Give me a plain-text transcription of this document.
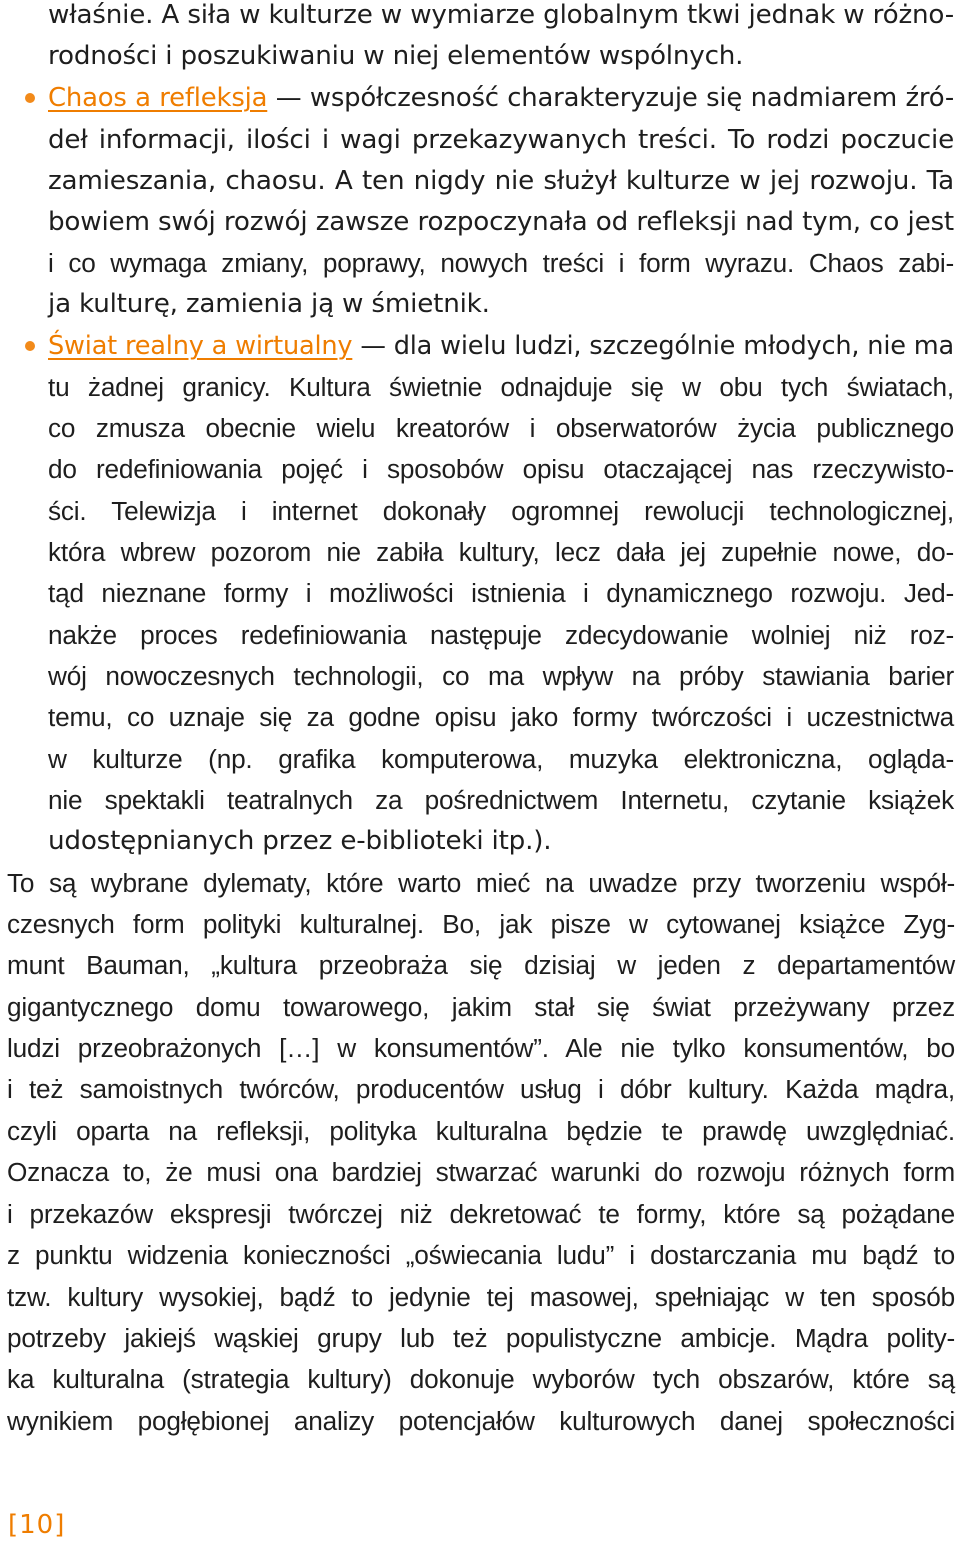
właśnie. A siła w kulturze w wymiarze globalnym tkwi jednak w różno-
rodności i poszukiwaniu w niej elementów wspólnych.
Chaos a refleksja — współczesność charakteryzuje się nadmiarem źró-
deł informacji, ilości i wagi przekazywanych treści. To rodzi poczucie
zamieszania, chaosu. A ten nigdy nie służył kulturze w jej rozwoju. Ta
bowiem swój rozwój zawsze rozpoczynała od refleksji nad tym, co jest
i co wymaga zmiany, poprawy, nowych treści i form wyrazu. Chaos zabi-
ja kulturę, zamienia ją w śmietnik.
Świat realny a wirtualny — dla wielu ludzi, szczególnie młodych, nie ma
tu żadnej granicy. Kultura świetnie odnajduje się w obu tych światach,
co zmusza obecnie wielu kreatorów i obserwatorów życia publicznego
do redefiniowania pojęć i sposobów opisu otaczającej nas rzeczywisto-
ści. Telewizja i internet dokonały ogromnej rewolucji technologicznej,
która wbrew pozorom nie zabiła kultury, lecz dała jej zupełnie nowe, do-
tąd nieznane formy i możliwości istnienia i dynamicznego rozwoju. Jed-
nakże proces redefiniowania następuje zdecydowanie wolniej niż roz-
wój nowoczesnych technologii, co ma wpływ na próby stawiania barier
temu, co uznaje się za godne opisu jako formy twórczości i uczestnictwa
w kulturze (np. grafika komputerowa, muzyka elektroniczna, ogląda-
nie spektakli teatralnych za pośrednictwem Internetu, czytanie książek
udostępnianych przez e-biblioteki itp.).
To są wybrane dylematy, które warto mieć na uwadze przy tworzeniu współ-
czesnych form polityki kulturalnej. Bo, jak pisze w cytowanej książce Zyg-
munt Bauman, „kultura przeobraża się dzisiaj w jeden z departamentów
gigantycznego domu towarowego, jakim stał się świat przeżywany przez
ludzi przeobrażonych […] w konsumentów”. Ale nie tylko konsumentów, bo
i też samoistnych twórców, producentów usług i dóbr kultury. Każda mądra,
czyli oparta na refleksji, polityka kulturalna będzie te prawdę uwzględniać.
Oznacza to, że musi ona bardziej stwarzać warunki do rozwoju różnych form
i przekazów ekspresji twórczej niż dekretować te formy, które są pożądane
z punktu widzenia konieczności „oświecania ludu” i dostarczania mu bądź to
tzw. kultury wysokiej, bądź to jedynie tej masowej, spełniając w ten sposób
potrzeby jakiejś wąskiej grupy lub też populistyczne ambicje. Mądra polity-
ka kulturalna (strategia kultury) dokonuje wyborów tych obszarów, które są
wynikiem pogłębionej analizy potencjałów kulturowych danej społeczności
[10]
